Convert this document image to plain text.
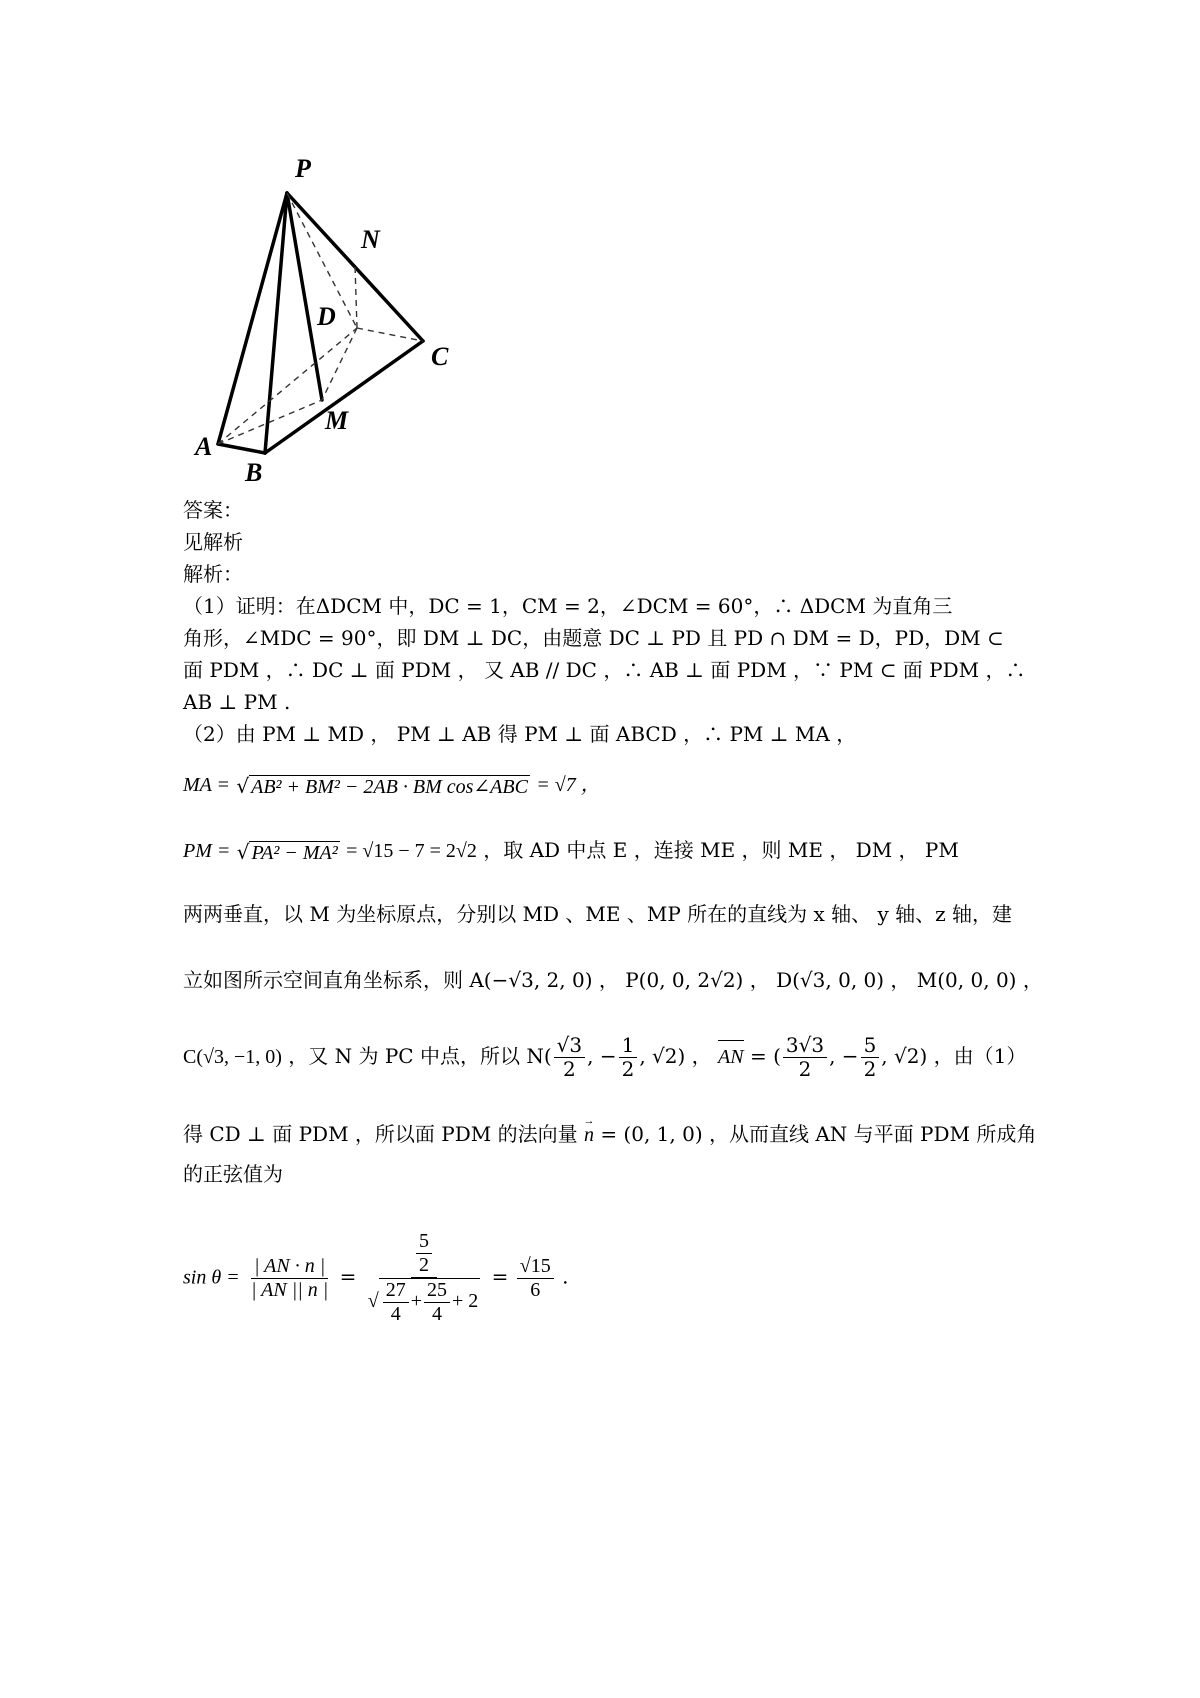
P
N
D
C
M
A
B
答案：
见解析
解析：
（1）证明：在ΔDCM 中，DC = 1，CM = 2，∠DCM = 60°，∴ ΔDCM 为直角三
角形，∠MDC = 90°，即 DM ⊥ DC，由题意 DC ⊥ PD 且 PD ∩ DM = D，PD，DM ⊂
面 PDM ，∴ DC ⊥ 面 PDM ， 又 AB // DC ，∴ AB ⊥ 面 PDM ，∵ PM ⊂ 面 PDM ，∴
AB ⊥ PM .
（2）由 PM ⊥ MD ， PM ⊥ AB 得 PM ⊥ 面 ABCD ，∴ PM ⊥ MA ，
MA = √ AB² + BM² − 2AB · BM cos∠ABC = √7 ，
PM = √ PA² − MA² = √15 − 7 = 2√2 ，取 AD 中点 E ，连接 ME ，则 ME ， DM ， PM
两两垂直，以 M 为坐标原点，分别以 MD 、ME 、MP 所在的直线为 x 轴、 y 轴、z 轴，建
立如图所示空间直角坐标系，则 A(−√3, 2, 0) ， P(0, 0, 2√2) ， D(√3, 0, 0) ， M(0, 0, 0) ，
C(√3, −1, 0) ，又 N 为 PC 中点，所以 $N( \frac{√3}{2}$ , − $\frac{1}{2}$ , √2) ， AN = ( $\frac{3√3}{2}$ , − $\frac{5}{2}$ , √2) ，由（1）
得 CD ⊥ 面 PDM ，所以面 PDM 的法向量 n → = (0, 1, 0) ，从而直线 AN 与平面 PDM 所成角
的正弦值为
$\sin \theta = \frac{| AN \cdot n |}{| AN || n |} = \frac{\frac{5}{2}}{√ \frac{27}{4} + \frac{25}{4} + 2} = \frac{√15}{6}$ .
